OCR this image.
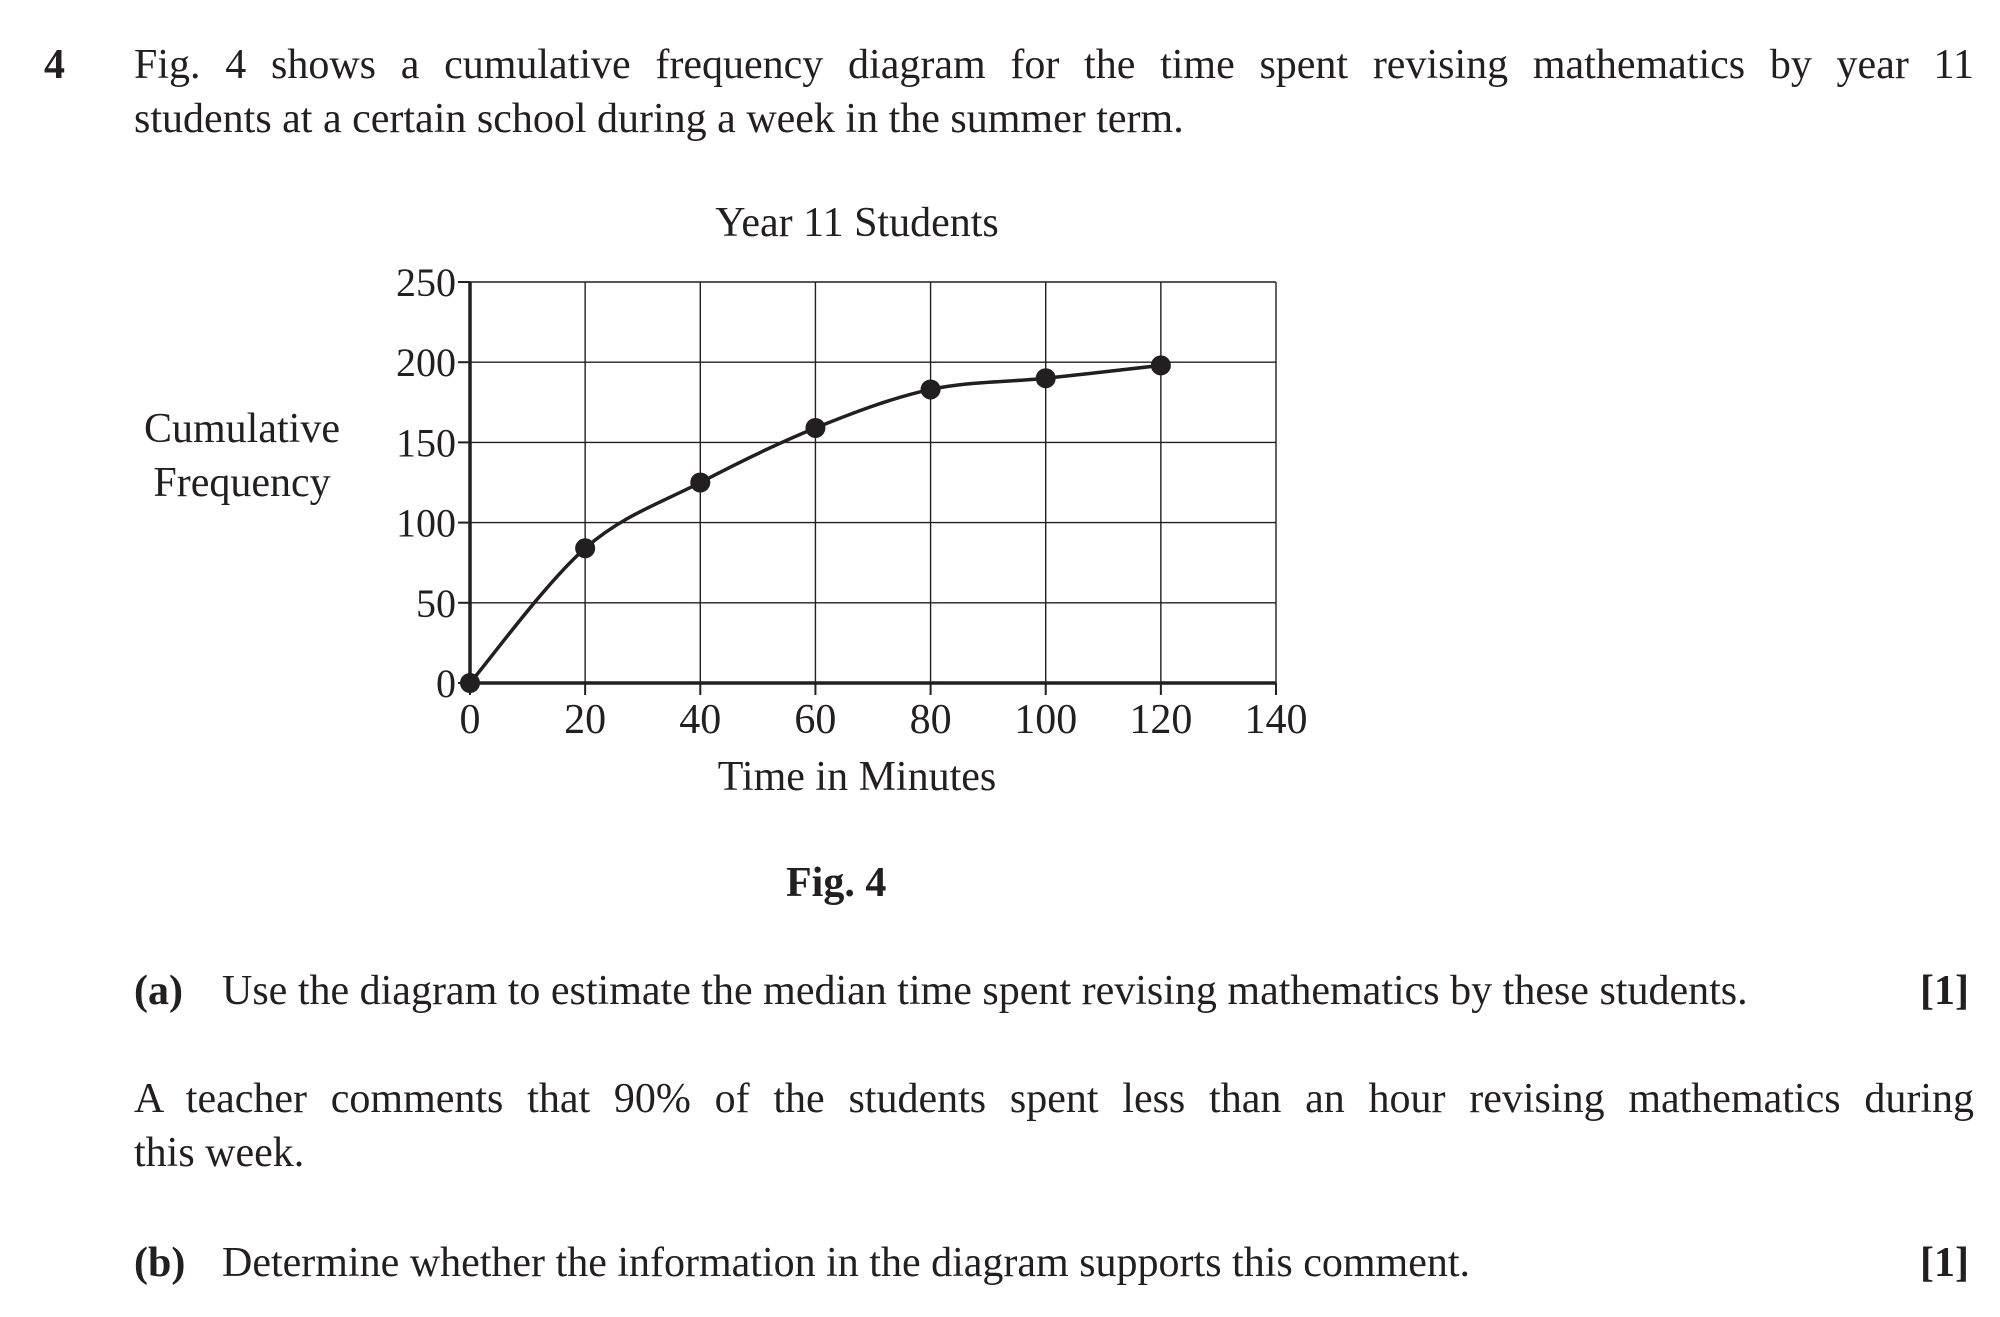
4 Fig. 4 shows a cumulative frequency diagram for the time spent revising mathematics by year 11
students at a certain school during a week in the summer term.
0
50
100
150
200
250
0 20 40 60 80 100 120 140
Year 11 Students
Time in Minutes
Cumulative
Frequency
Fig. 4
(a) Use the diagram to estimate the median time spent revising mathematics by these students.	[1]
A teacher comments that 90% of the students spent less than an hour revising mathematics during
this week.
(b) Determine whether the information in the diagram supports this comment.	[1]
